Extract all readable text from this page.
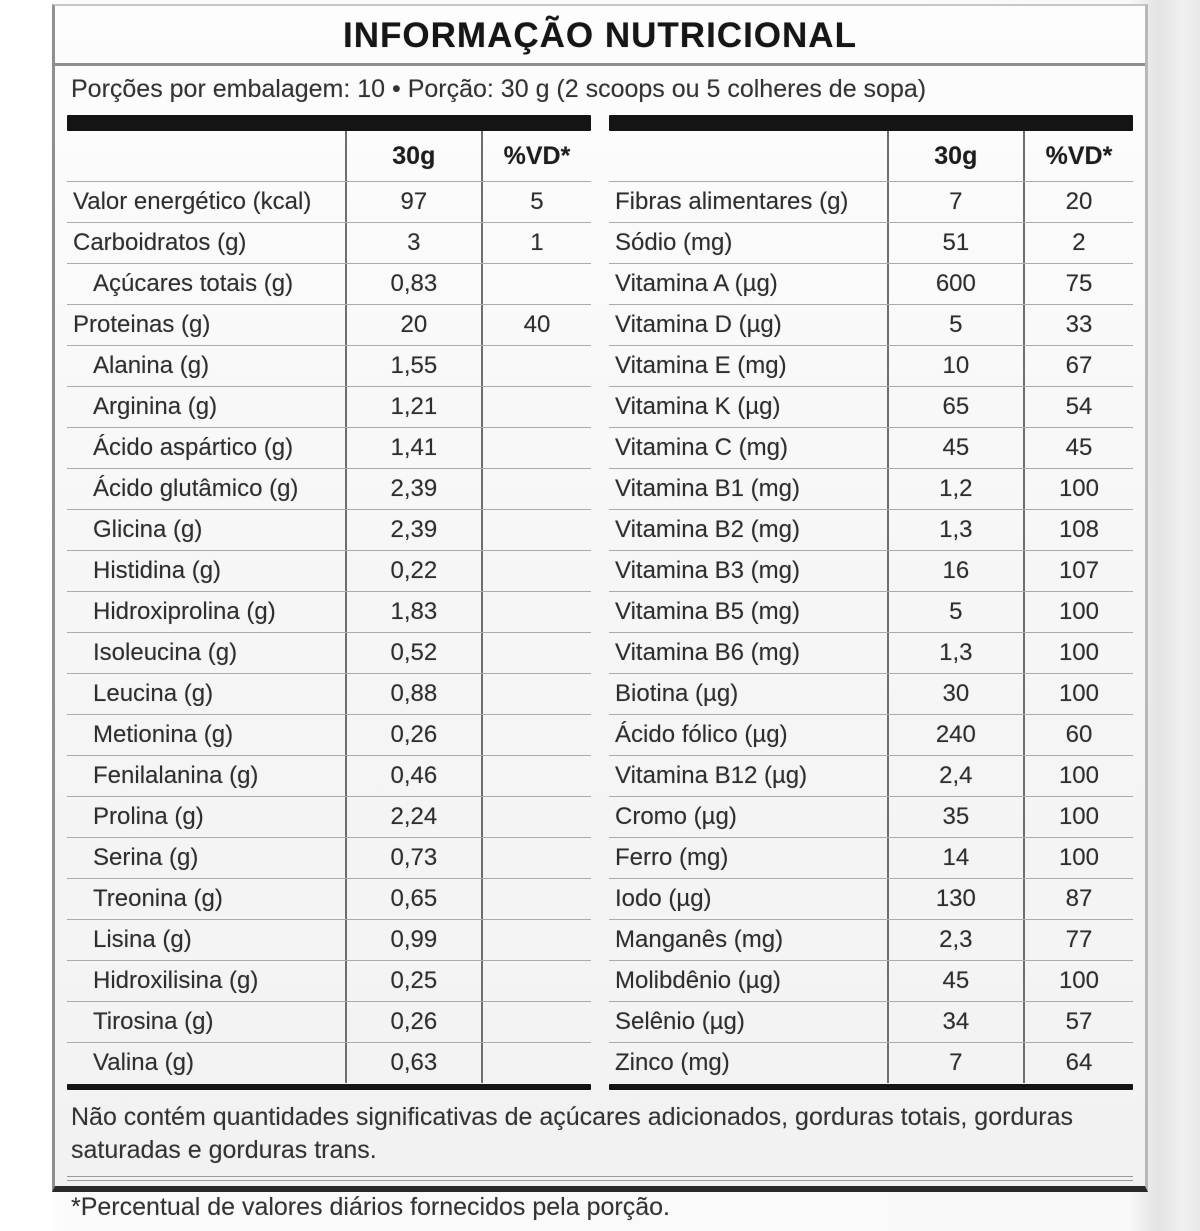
INFORMAÇÃO NUTRICIONAL
Porções por embalagem: 10 • Porção: 30 g (2 scoops ou 5 colheres de sopa)
30g	%VD*
Valor energético (kcal)	97	5
Carboidratos (g)	3	1
Açúcares totais (g)	0,83
Proteinas (g)	20	40
Alanina (g)	1,55
Arginina (g)	1,21
Ácido aspártico (g)	1,41
Ácido glutâmico (g)	2,39
Glicina (g)	2,39
Histidina (g)	0,22
Hidroxiprolina (g)	1,83
Isoleucina (g)	0,52
Leucina (g)	0,88
Metionina (g)	0,26
Fenilalanina (g)	0,46
Prolina (g)	2,24
Serina (g)	0,73
Treonina (g)	0,65
Lisina (g)	0,99
Hidroxilisina (g)	0,25
Tirosina (g)	0,26
Valina (g)	0,63
30g	%VD*
Fibras alimentares (g)	7	20
Sódio (mg)	51	2
Vitamina A (µg)	600	75
Vitamina D (µg)	5	33
Vitamina E (mg)	10	67
Vitamina K (µg)	65	54
Vitamina C (mg)	45	45
Vitamina B1 (mg)	1,2	100
Vitamina B2 (mg)	1,3	108
Vitamina B3 (mg)	16	107
Vitamina B5 (mg)	5	100
Vitamina B6 (mg)	1,3	100
Biotina (µg)	30	100
Ácido fólico (µg)	240	60
Vitamina B12 (µg)	2,4	100
Cromo (µg)	35	100
Ferro (mg)	14	100
Iodo (µg)	130	87
Manganês (mg)	2,3	77
Molibdênio (µg)	45	100
Selênio (µg)	34	57
Zinco (mg)	7	64
Não contém quantidades significativas de açúcares adicionados, gorduras totais, gorduras saturadas e gorduras trans.
*Percentual de valores diários fornecidos pela porção.
